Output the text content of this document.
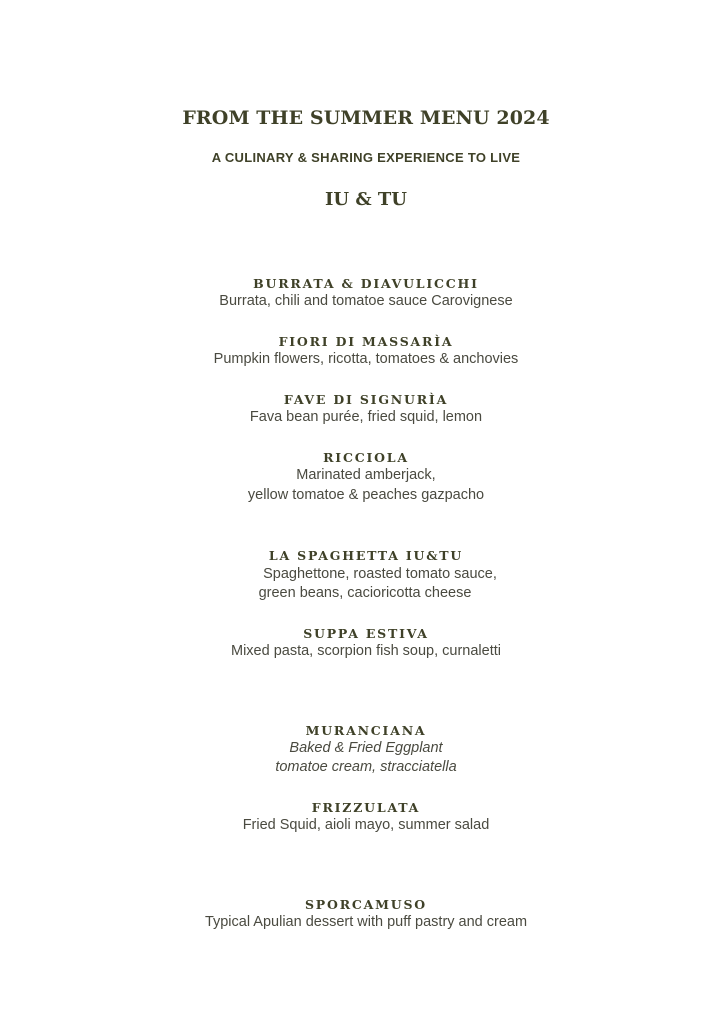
FROM THE SUMMER MENU 2024
A CULINARY & SHARING EXPERIENCE TO LIVE
IU & TU
BURRATA & DIAVULICCHI
Burrata, chili and tomatoe sauce Carovignese
FIORI DI MASSARÌA
Pumpkin flowers, ricotta, tomatoes & anchovies
FAVE DI SIGNURÌA
Fava bean purée, fried squid, lemon
RICCIOLA
Marinated amberjack,
yellow tomatoe & peaches gazpacho
LA SPAGHETTA IU&TU
Spaghettone, roasted tomato sauce,
green beans, cacioricotta cheese
SUPPA ESTIVA
Mixed pasta, scorpion fish soup, curnaletti
MURANCIANA
Baked & Fried Eggplant
tomatoe cream, stracciatella
FRIZZULATA
Fried Squid, aioli mayo, summer salad
SPORCAMUSO
Typical Apulian dessert with puff pastry and cream
